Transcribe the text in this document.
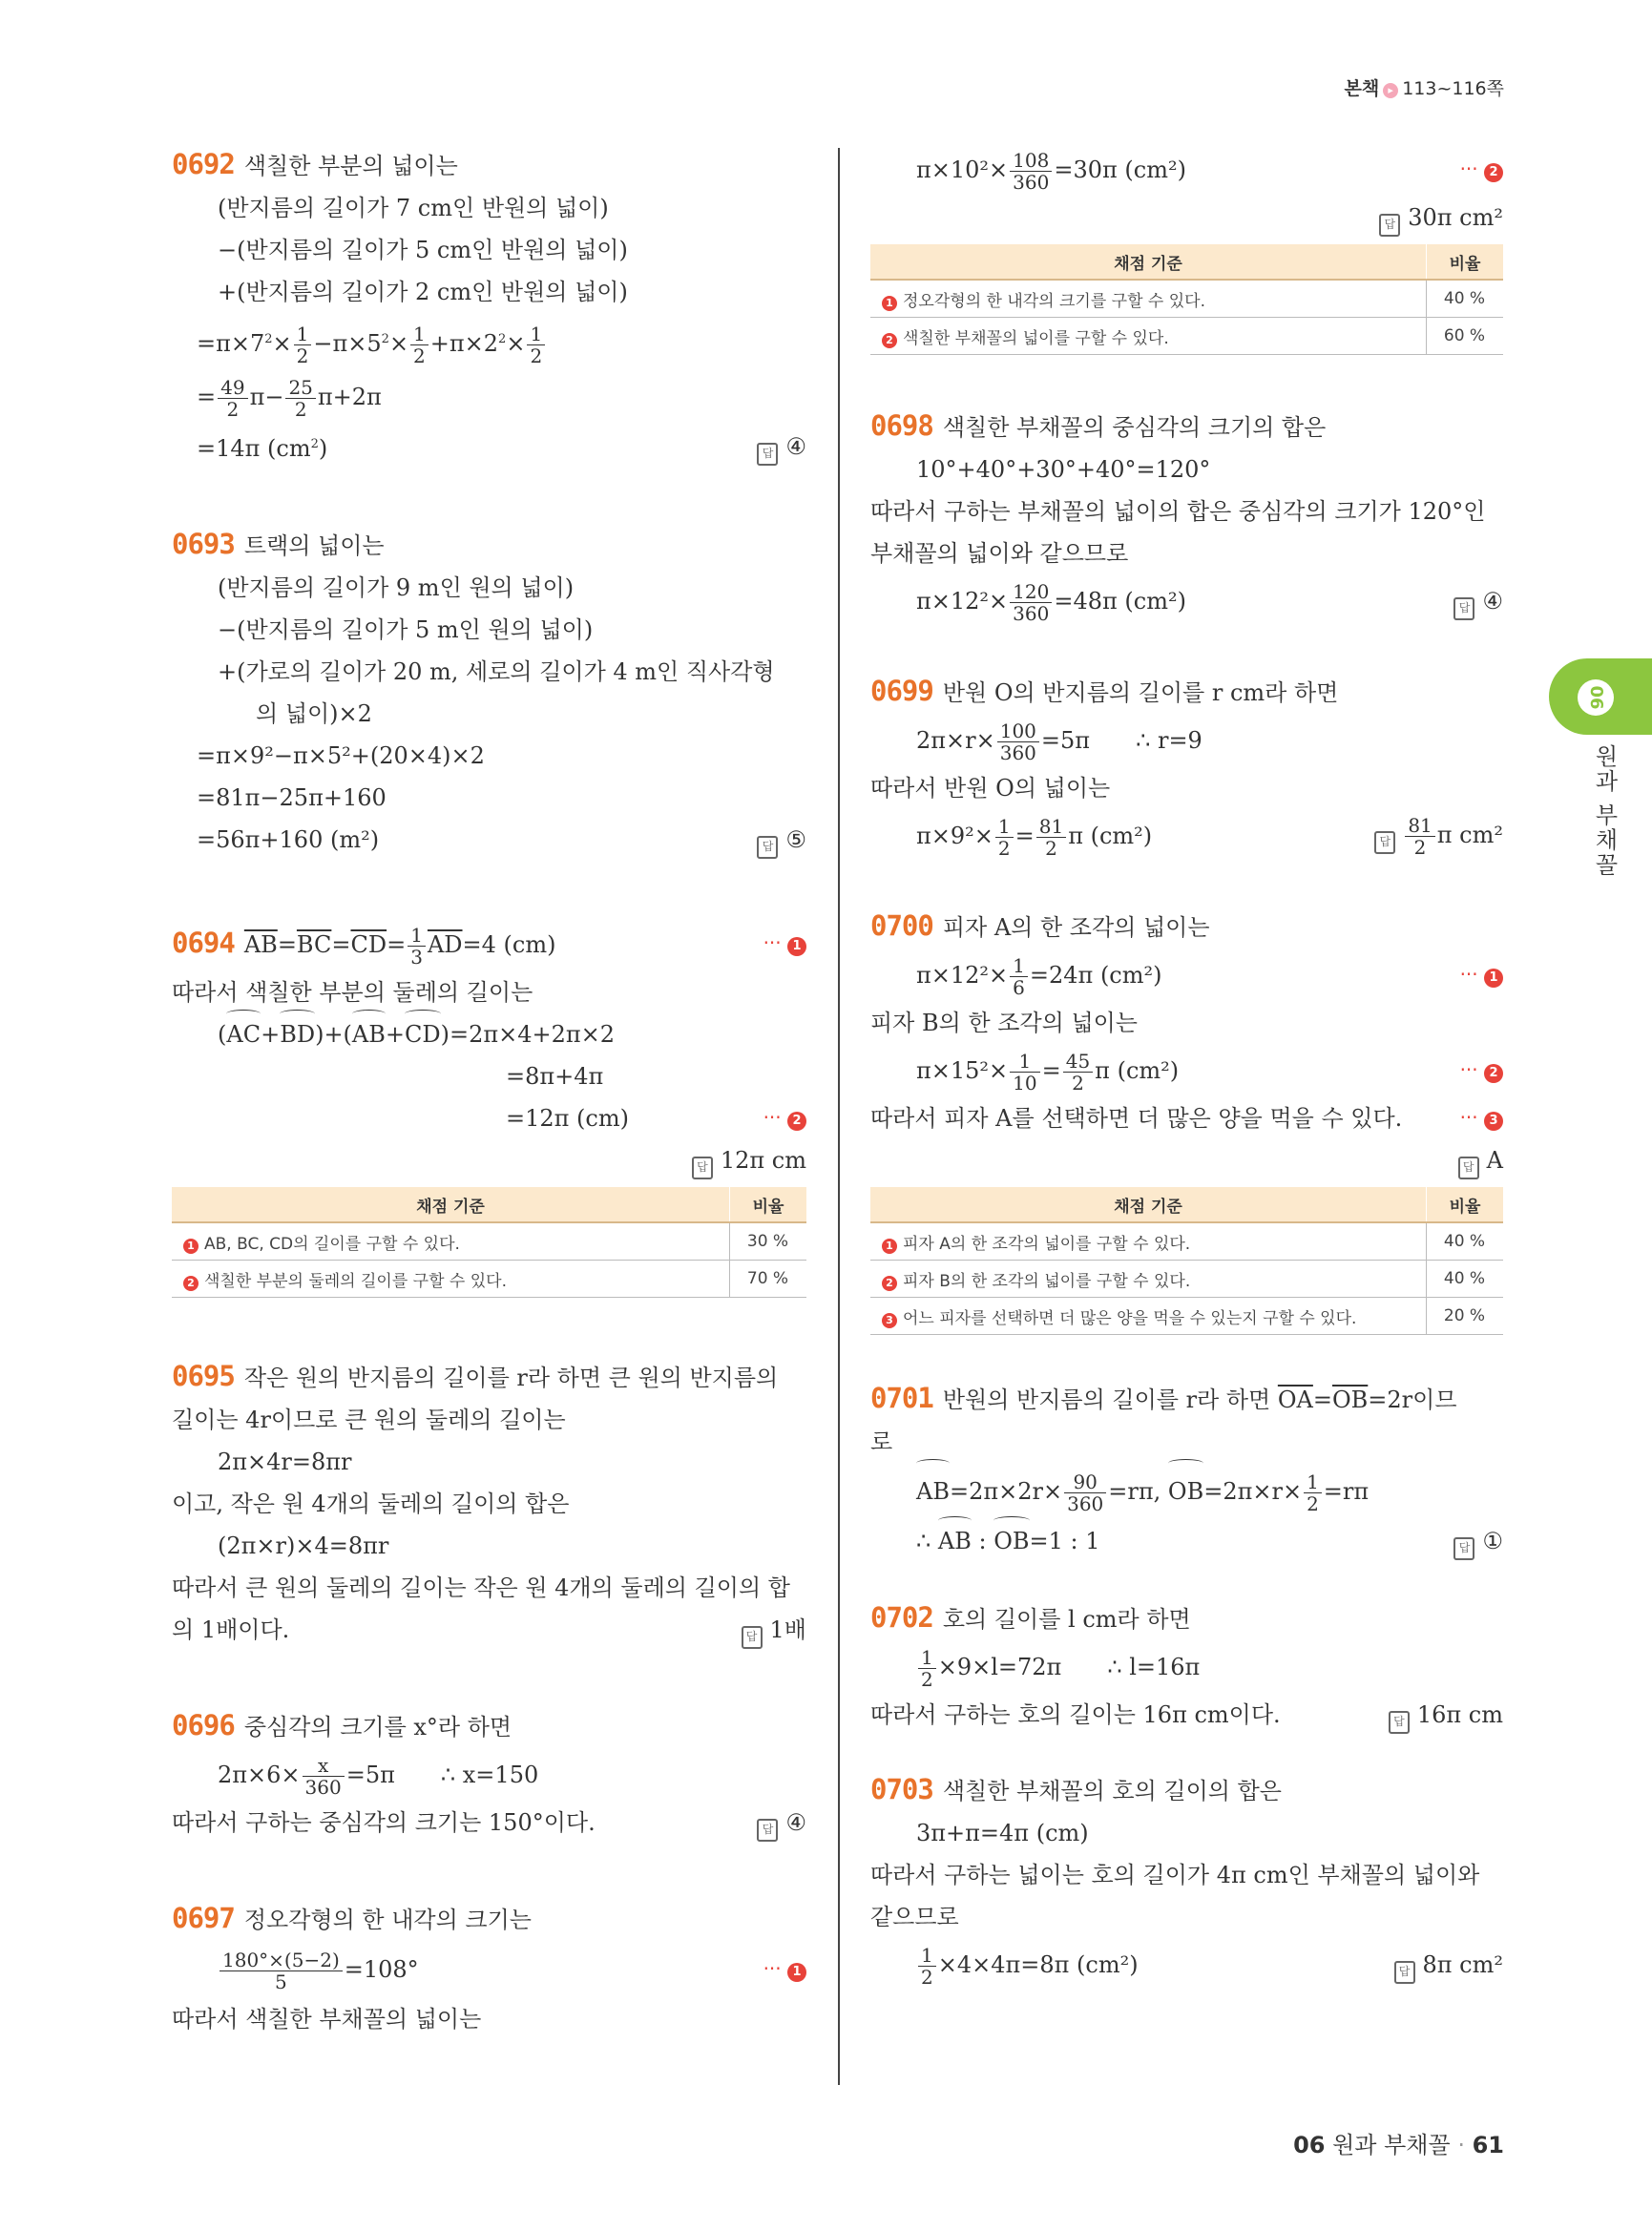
본책 ▸ 113~116쪽
0692 색칠한 부분의 넓이는
(반지름의 길이가 7 cm인 반원의 넓이)
−(반지름의 길이가 5 cm인 반원의 넓이)
+(반지름의 길이가 2 cm인 반원의 넓이)
$=\pi\times 7^2\times \frac{1}{2} -\pi\times 5^2\times \frac{1}{2} +\pi\times 2^2\times \frac{1}{2}$
= $\frac{49}{2} \pi- \frac{25}{2} \pi+2\pi$
=14π $(cm^2)$	답 ④
0693 트랙의 넓이는
(반지름의 길이가 9 m인 원의 넓이)
−(반지름의 길이가 5 m인 원의 넓이)
+(가로의 길이가 20 m, 세로의 길이가 4 m인 직사각형
의 넓이)×2
=π×9²−π×5²+(20×4)×2
=81π−25π+160
=56π+160 (m²)	답 ⑤
0694 $\overline{AB}=\overline{BC}=\overline{CD}= \frac{1}{3} \overline{AD}=4$ (cm)	··· 1
따라서 색칠한 부분의 둘레의 길이는
(AC+BD)+(AB+CD)=2π×4+2π×2
=8π+4π
=12π (cm)	··· 2
답 12π cm
채점 기준	비율
1 AB, BC, CD의 길이를 구할 수 있다.	30 %
2 색칠한 부분의 둘레의 길이를 구할 수 있다.	70 %
0695 작은 원의 반지름의 길이를 r라 하면 큰 원의 반지름의
길이는 4r이므로 큰 원의 둘레의 길이는
2π×4r=8πr
이고, 작은 원 4개의 둘레의 길이의 합은
(2π×r)×4=8πr
따라서 큰 원의 둘레의 길이는 작은 원 4개의 둘레의 길이의 합
의 1배이다.	답 1배
0696 중심각의 크기를 x°라 하면
$2\pi\times 6\times \frac{x}{360} =5\pi$ ∴ x=150
따라서 구하는 중심각의 크기는 150°이다.	답 ④
0697 정오각형의 한 내각의 크기는
$\frac{180^\circ\times(5-2)}{5} =108^\circ$	··· 1
따라서 색칠한 부채꼴의 넓이는
$\pi\times 10^2\times \frac{108}{360} =30\pi$ (cm²)	··· 2
답 30π cm²
채점 기준	비율
1 정오각형의 한 내각의 크기를 구할 수 있다.	40 %
2 색칠한 부채꼴의 넓이를 구할 수 있다.	60 %
0698 색칠한 부채꼴의 중심각의 크기의 합은
10°+40°+30°+40°=120°
따라서 구하는 부채꼴의 넓이의 합은 중심각의 크기가 120°인
부채꼴의 넓이와 같으므로
$\pi\times 12^2\times \frac{120}{360} =48\pi$ (cm²)	답 ④
0699 반원 O의 반지름의 길이를 r cm라 하면
$2\pi\times r\times \frac{100}{360} =5\pi$ ∴ r=9
따라서 반원 O의 넓이는
$\pi\times 9^2\times \frac{1}{2} = \frac{81}{2}$ π (cm²)	답 $\frac{81}{2}$ π cm²
0700 피자 A의 한 조각의 넓이는
$\pi\times 12^2\times \frac{1}{6} =24\pi$ (cm²)	··· 1
피자 B의 한 조각의 넓이는
$\pi\times 15^2\times \frac{1}{10} = \frac{45}{2}$ π (cm²)	··· 2
따라서 피자 A를 선택하면 더 많은 양을 먹을 수 있다.	··· 3
답 A
채점 기준	비율
1 피자 A의 한 조각의 넓이를 구할 수 있다.	40 %
2 피자 B의 한 조각의 넓이를 구할 수 있다.	40 %
3 어느 피자를 선택하면 더 많은 양을 먹을 수 있는지 구할 수 있다.	20 %
0701 반원의 반지름의 길이를 r라 하면 $\overline{OA}=\overline{OB}=2r$이므
로
$AB=2\pi\times 2r\times \frac{90}{360} =r\pi$, $OB=2\pi\times r\times \frac{1}{2} =r\pi$
∴ AB : OB=1 : 1	답 ①
0702 호의 길이를 l cm라 하면
$\frac{1}{2} \times 9\times l=72\pi$ ∴ l=16π
따라서 구하는 호의 길이는 16π cm이다.	답 16π cm
0703 색칠한 부채꼴의 호의 길이의 합은
3π+π=4π (cm)
따라서 구하는 넓이는 호의 길이가 4π cm인 부채꼴의 넓이와
같으므로
$\frac{1}{2} \times 4\times 4\pi=8\pi$ (cm²)	답 8π cm²
06
원과 부채꼴
06 원과 부채꼴 · 61
